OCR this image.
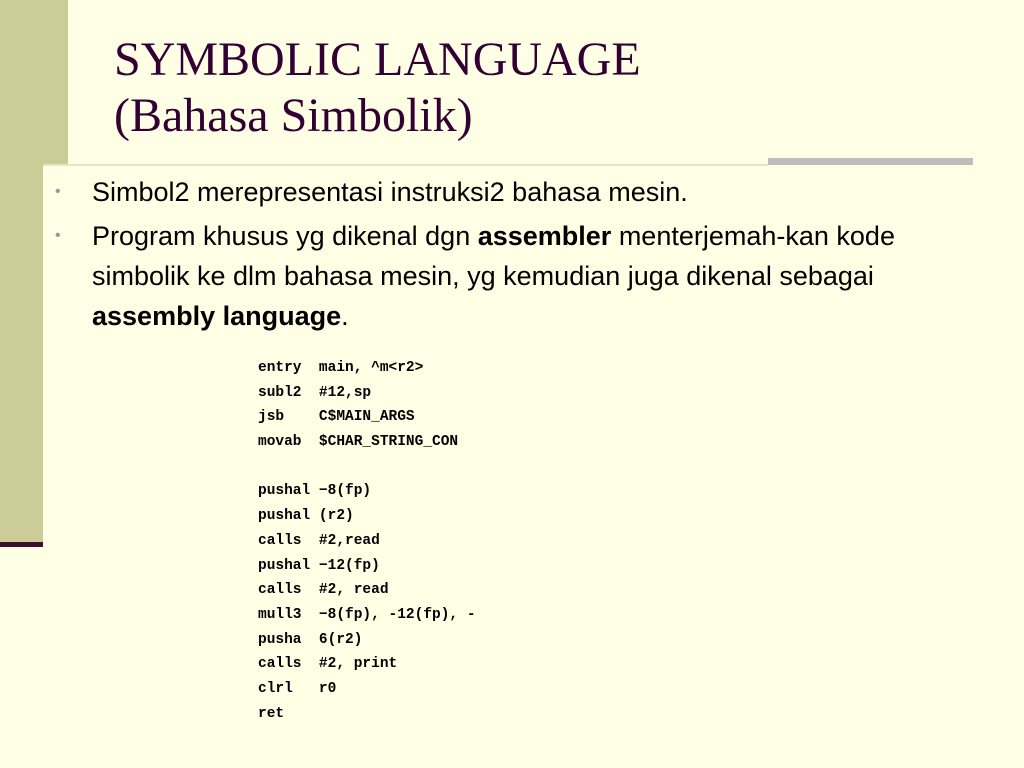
SYMBOLIC LANGUAGE
(Bahasa Simbolik)
• Simbol2 merepresentasi instruksi2 bahasa mesin.
• Program khusus yg dikenal dgn assembler menterjemah-kan kode simbolik ke dlm bahasa mesin, yg kemudian juga dikenal sebagai assembly language.
entry  main, ^m<r2>
subl2  #12,sp
jsb    C$MAIN_ARGS
movab  $CHAR_STRING_CON
pushal −8(fp)
pushal (r2)
calls  #2,read
pushal −12(fp)
calls  #2, read
mull3  −8(fp), -12(fp), -
pusha  6(r2)
calls  #2, print
clrl   r0
ret
